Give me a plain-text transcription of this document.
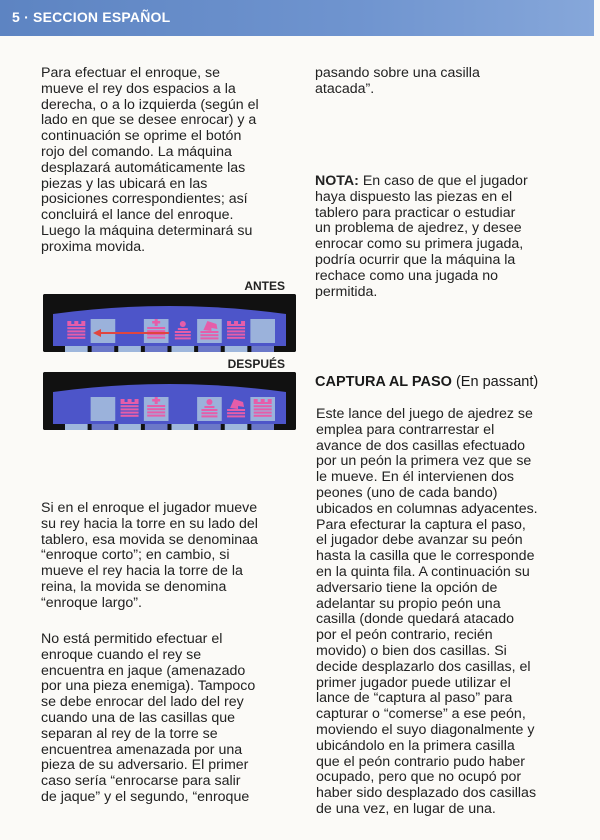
5 · SECCION ESPAÑOL

Para efectuar el enroque, se
mueve el rey dos espacios a la
derecha, o a lo izquierda (según el
lado en que se desee enrocar) y a
continuación se oprime el botón
rojo del comando. La máquina
desplazará automáticamente las
piezas y las ubicará en las
posiciones correspondientes; así
concluirá el lance del enroque.
Luego la máquina determinará su
proxima movida.

ANTES
DESPUÉS

Si en el enroque el jugador mueve
su rey hacia la torre en su lado del
tablero, esa movida se denominaa
“enroque corto”; en cambio, si
mueve el rey hacia la torre de la
reina, la movida se denomina
“enroque largo”.

No está permitido efectuar el
enroque cuando el rey se
encuentra en jaque (amenazado
por una pieza enemiga). Tampoco
se debe enrocar del lado del rey
cuando una de las casillas que
separan al rey de la torre se
encuentrea amenazada por una
pieza de su adversario. El primer
caso sería “enrocarse para salir
de jaque” y el segundo, “enroque

pasando sobre una casilla
atacada”.

NOTA: En caso de que el jugador
haya dispuesto las piezas en el
tablero para practicar o estudiar
un problema de ajedrez, y desee
enrocar como su primera jugada,
podría ocurrir que la máquina la
rechace como una jugada no
permitida.

CAPTURA AL PASO (En passant)

Este lance del juego de ajedrez se
emplea para contrarrestar el
avance de dos casillas efectuado
por un peón la primera vez que se
le mueve. En él intervienen dos
peones (uno de cada bando)
ubicados en columnas adyacentes.
Para efecturar la captura el paso,
el jugador debe avanzar su peón
hasta la casilla que le corresponde
en la quinta fila. A continuación su
adversario tiene la opción de
adelantar su propio peón una
casilla (donde quedará atacado
por el peón contrario, recién
movido) o bien dos casillas. Si
decide desplazarlo dos casillas, el
primer jugador puede utilizar el
lance de “captura al paso” para
capturar o “comerse” a ese peón,
moviendo el suyo diagonalmente y
ubicándolo en la primera casilla
que el peón contrario pudo haber
ocupado, pero que no ocupó por
haber sido desplazado dos casillas
de una vez, en lugar de una.
